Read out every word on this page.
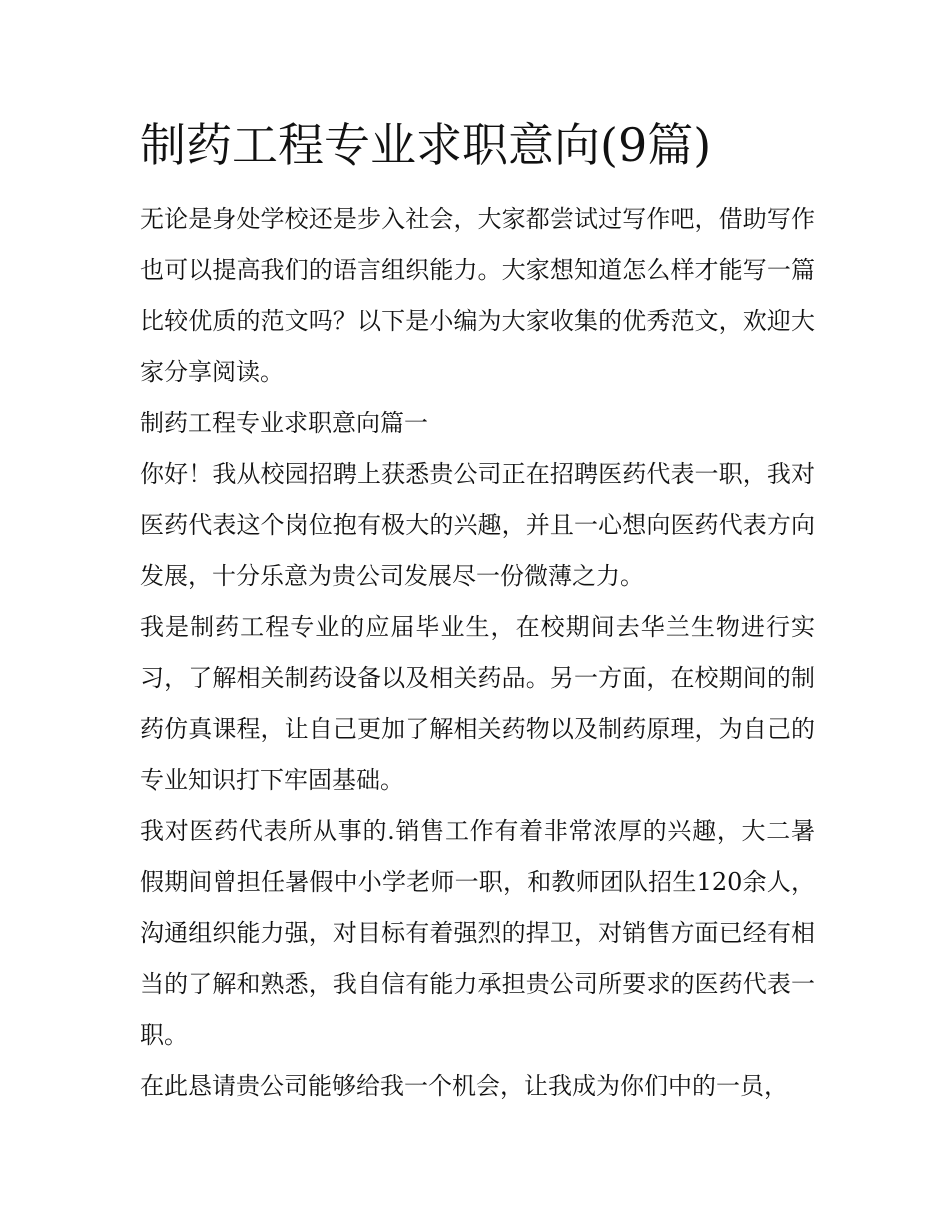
制药工程专业求职意向(9篇)

无论是身处学校还是步入社会，大家都尝试过写作吧，借助写作也可以提高我们的语言组织能力。大家想知道怎么样才能写一篇比较优质的范文吗？以下是小编为大家收集的优秀范文，欢迎大家分享阅读。

制药工程专业求职意向篇一

你好！我从校园招聘上获悉贵公司正在招聘医药代表一职，我对医药代表这个岗位抱有极大的兴趣，并且一心想向医药代表方向发展，十分乐意为贵公司发展尽一份微薄之力。

我是制药工程专业的应届毕业生，在校期间去华兰生物进行实习，了解相关制药设备以及相关药品。另一方面，在校期间的制药仿真课程，让自己更加了解相关药物以及制药原理，为自己的专业知识打下牢固基础。

我对医药代表所从事的.销售工作有着非常浓厚的兴趣，大二暑假期间曾担任暑假中小学老师一职，和教师团队招生120余人，沟通组织能力强，对目标有着强烈的捍卫，对销售方面已经有相当的了解和熟悉，我自信有能力承担贵公司所要求的医药代表一职。

在此恳请贵公司能够给我一个机会，让我成为你们中的一员，
